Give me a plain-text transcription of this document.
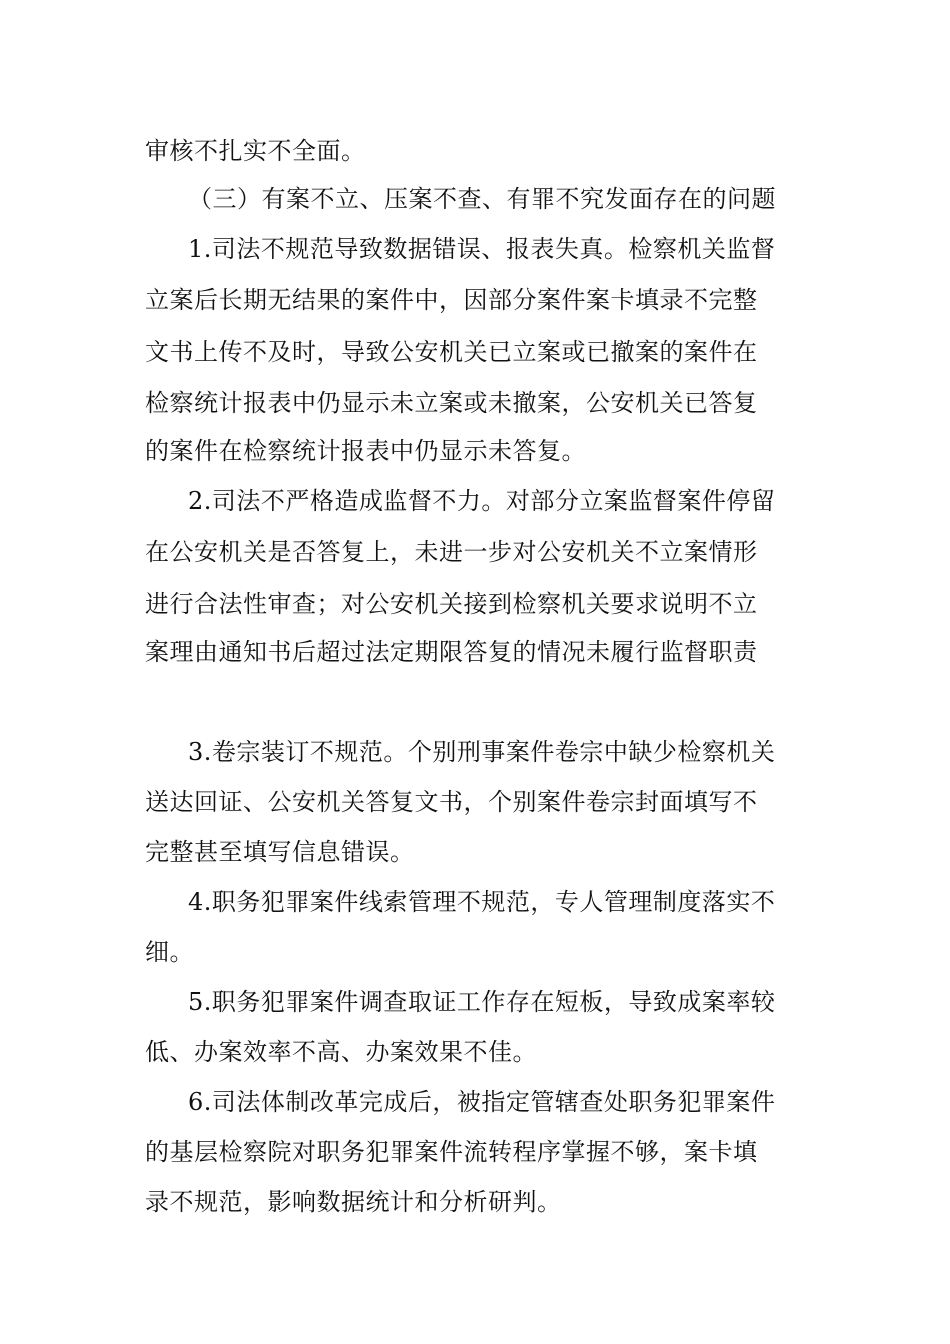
审核不扎实不全面。
（三）有案不立、压案不查、有罪不究发面存在的问题
1.司法不规范导致数据错误、报表失真。检察机关监督
立案后长期无结果的案件中，因部分案件案卡填录不完整
文书上传不及时，导致公安机关已立案或已撤案的案件在
检察统计报表中仍显示未立案或未撤案，公安机关已答复
的案件在检察统计报表中仍显示未答复。
2.司法不严格造成监督不力。对部分立案监督案件停留
在公安机关是否答复上，未进一步对公安机关不立案情形
进行合法性审查；对公安机关接到检察机关要求说明不立
案理由通知书后超过法定期限答复的情况未履行监督职责
3.卷宗装订不规范。个别刑事案件卷宗中缺少检察机关
送达回证、公安机关答复文书，个别案件卷宗封面填写不
完整甚至填写信息错误。
4.职务犯罪案件线索管理不规范，专人管理制度落实不
细。
5.职务犯罪案件调查取证工作存在短板，导致成案率较
低、办案效率不高、办案效果不佳。
6.司法体制改革完成后，被指定管辖查处职务犯罪案件
的基层检察院对职务犯罪案件流转程序掌握不够，案卡填
录不规范，影响数据统计和分析研判。
